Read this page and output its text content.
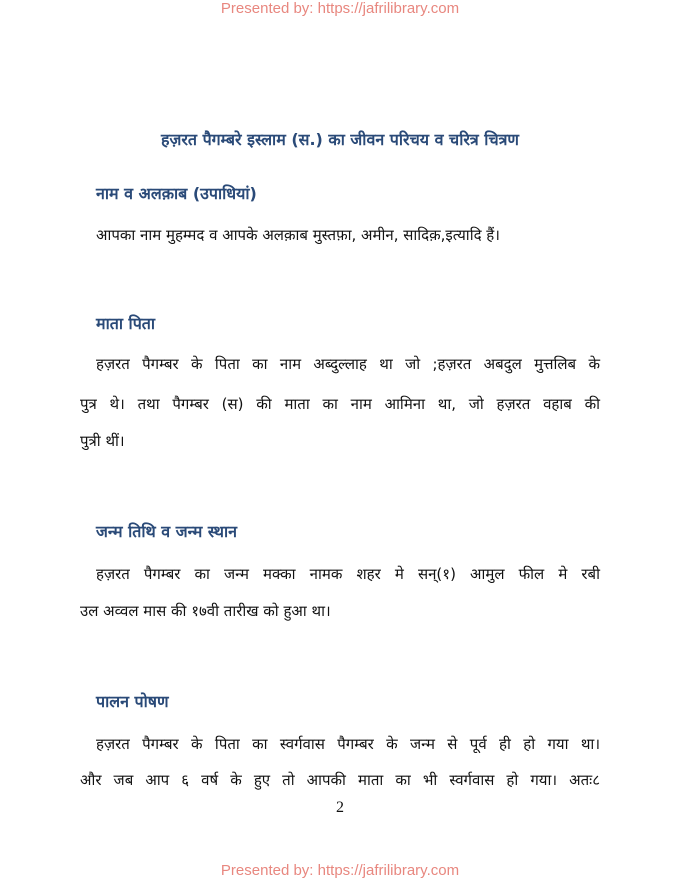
Presented by: https://jafrilibrary.com
हज़रत पैगम्बरे इस्लाम (स.) का जीवन परिचय व चरित्र चित्रण
नाम व अलक़ाब (उपाधियां)
आपका नाम मुहम्मद व आपके अलक़ाब मुस्तफ़ा, अमीन, सादिक़,इत्यादि हैं।
माता पिता
हज़रत पैगम्बर के पिता का नाम अब्दुल्लाह था जो ;हज़रत अबदुल मुत्तलिब के
पुत्र थे। तथा पैगम्बर (स) की माता का नाम आमिना था, जो हज़रत वहाब की
पुत्री थीं।
जन्म तिथि व जन्म स्थान
हज़रत पैगम्बर का जन्म मक्का नामक शहर मे सन्(१) आमुल फील मे रबी
उल अव्वल मास की १७वी तारीख को हुआ था।
पालन पोषण
हज़रत पैगम्बर के पिता का स्वर्गवास पैगम्बर के जन्म से पूर्व ही हो गया था।
और जब आप ६ वर्ष के हुए तो आपकी माता का भी स्वर्गवास हो गया। अतः८
2
Presented by: https://jafrilibrary.com
